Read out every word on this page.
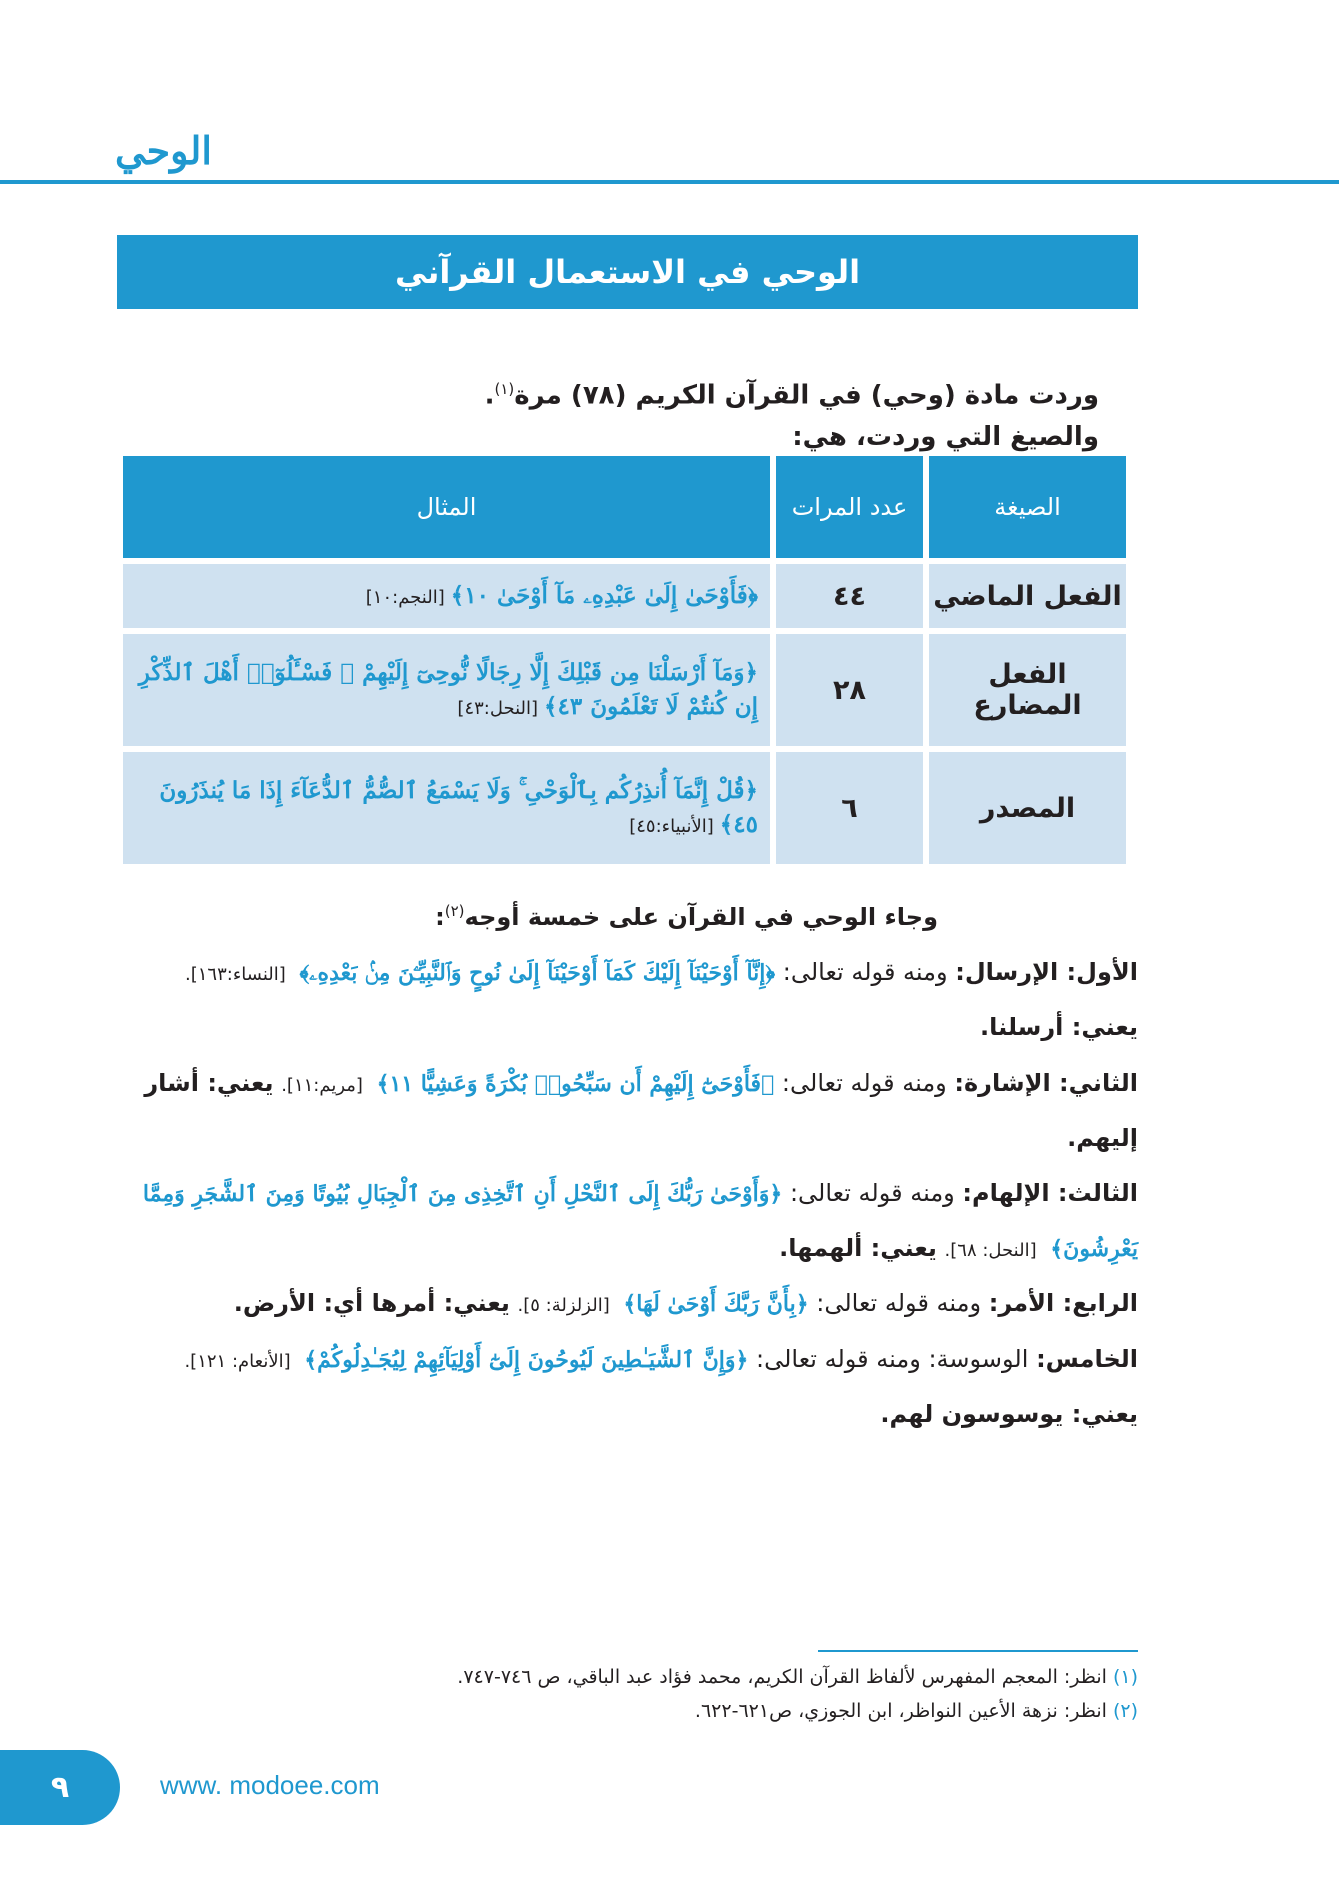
الوحي
الوحي في الاستعمال القرآني

وردت مادة (وحي) في القرآن الكريم (٧٨) مرة$^{(١)}$.

والصيغ التي وردت، هي:

الصيغة	عدد المرات	المثال
الفعل الماضي	٤٤	﴿فَأَوْحَىٰ إِلَىٰ عَبْدِهِۦ مَآ أَوْحَىٰ ١٠﴾[النجم:١٠]
الفعل المضارع	٢٨	﴿وَمَآ أَرْسَلْنَا مِن قَبْلِكَ إِلَّا رِجَالًا نُّوحِىٓ إِلَيْهِمْ ۚ فَسْـَٔلُوٓا۟ أَهْلَ ٱلذِّكْرِ إِن كُنتُمْ لَا تَعْلَمُونَ ٤٣﴾[النحل:٤٣]
المصدر	٦	﴿قُلْ إِنَّمَآ أُنذِرُكُم بِٱلْوَحْىِ ۚ وَلَا يَسْمَعُ ٱلصُّمُّ ٱلدُّعَآءَ إِذَا مَا يُنذَرُونَ ٤٥﴾[الأنبياء:٤٥]

وجاء الوحي في القرآن على خمسة أوجه$^{(٢)}$:

الأول: الإرسال: ومنه قوله تعالى: ﴿إِنَّآ أَوْحَيْنَآ إِلَيْكَ كَمَآ أَوْحَيْنَآ إِلَىٰ نُوحٍ وَٱلنَّبِيِّـۧنَ مِنۢ بَعْدِهِۦ﴾ [النساء:١٦٣]. يعني: أرسلنا.

الثاني: الإشارة: ومنه قوله تعالى: ﴿فَأَوْحَىٰٓ إِلَيْهِمْ أَن سَبِّحُوا۟ بُكْرَةً وَعَشِيًّا ١١﴾ [مريم:١١]. يعني: أشار إليهم.

الثالث: الإلهام: ومنه قوله تعالى: ﴿وَأَوْحَىٰ رَبُّكَ إِلَى ٱلنَّحْلِ أَنِ ٱتَّخِذِى مِنَ ٱلْجِبَالِ بُيُوتًا وَمِنَ ٱلشَّجَرِ وَمِمَّا يَعْرِشُونَ﴾ [النحل: ٦٨]. يعني: ألهمها.

الرابع: الأمر: ومنه قوله تعالى: ﴿بِأَنَّ رَبَّكَ أَوْحَىٰ لَهَا﴾ [الزلزلة: ٥]. يعني: أمرها أي: الأرض.

الخامس: الوسوسة: ومنه قوله تعالى: ﴿وَإِنَّ ٱلشَّيَـٰطِينَ لَيُوحُونَ إِلَىٰٓ أَوْلِيَآئِهِمْ لِيُجَـٰدِلُوكُمْ﴾ [الأنعام: ١٢١]. يعني: يوسوسون لهم.

(١)انظر: المعجم المفهرس لألفاظ القرآن الكريم، محمد فؤاد عبد الباقي، ص ٧٤٦-٧٤٧.
(٢)انظر: نزهة الأعين النواظر، ابن الجوزي، ص٦٢١-٦٢٢.
٩	www. modoee.com
